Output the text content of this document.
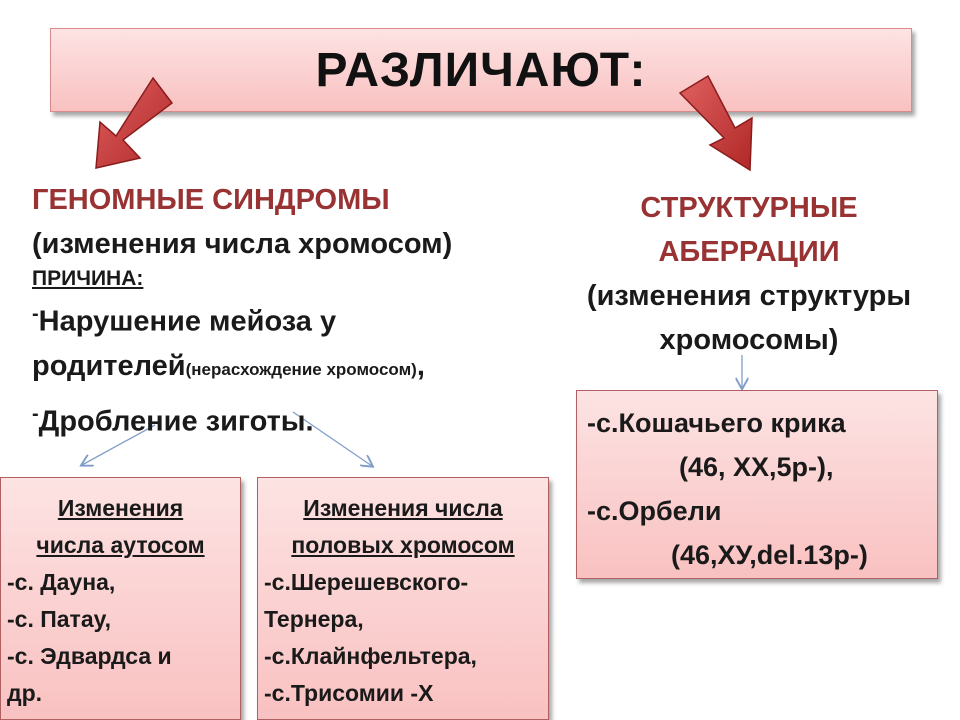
РАЗЛИЧАЮТ:
ГЕНОМНЫЕ СИНДРОМЫ
(изменения числа хромосом)
ПРИЧИНА:
-Нарушение мейоза у
родителей(нерасхождение хромосом),
-Дробление зиготы.
СТРУКТУРНЫЕ
АБЕРРАЦИИ
(изменения структуры
хромосомы)
Изменения
числа аутосом
-с. Дауна,
-с. Патау,
-с. Эдвардса и
др.
Изменения числа
половых хромосом
-с.Шерешевского-
Тернера,
-с.Клайнфельтера,
-с.Трисомии -Х
-с.Кошачьего крика
(46, ХХ,5р-),
-с.Орбели
(46,ХУ,del.13р-)
